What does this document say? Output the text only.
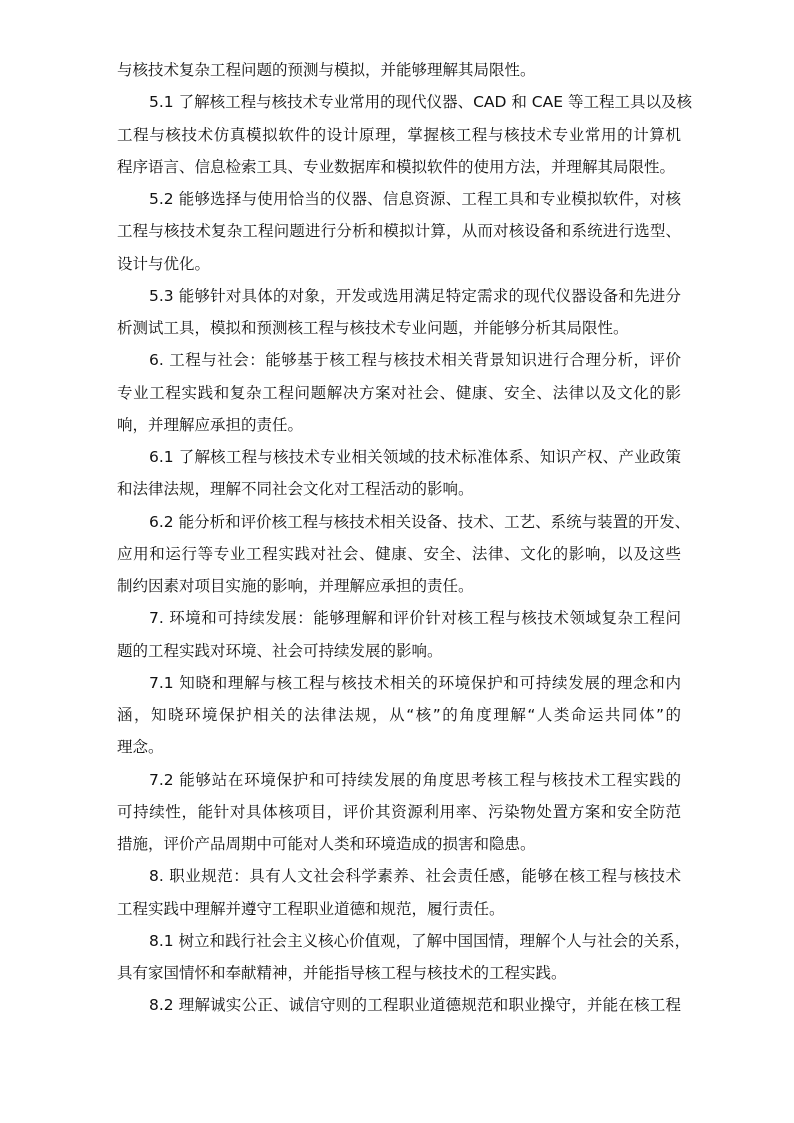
与核技术复杂工程问题的预测与模拟，并能够理解其局限性。
5.1 了解核工程与核技术专业常用的现代仪器、CAD 和 CAE 等工程工具以及核
工程与核技术仿真模拟软件的设计原理，掌握核工程与核技术专业常用的计算机
程序语言、信息检索工具、专业数据库和模拟软件的使用方法，并理解其局限性。
5.2 能够选择与使用恰当的仪器、信息资源、工程工具和专业模拟软件，对核
工程与核技术复杂工程问题进行分析和模拟计算，从而对核设备和系统进行选型、
设计与优化。
5.3 能够针对具体的对象，开发或选用满足特定需求的现代仪器设备和先进分
析测试工具，模拟和预测核工程与核技术专业问题，并能够分析其局限性。
6. 工程与社会：能够基于核工程与核技术相关背景知识进行合理分析，评价
专业工程实践和复杂工程问题解决方案对社会、健康、安全、法律以及文化的影
响，并理解应承担的责任。
6.1 了解核工程与核技术专业相关领域的技术标准体系、知识产权、产业政策
和法律法规，理解不同社会文化对工程活动的影响。
6.2 能分析和评价核工程与核技术相关设备、技术、工艺、系统与装置的开发、
应用和运行等专业工程实践对社会、健康、安全、法律、文化的影响，以及这些
制约因素对项目实施的影响，并理解应承担的责任。
7. 环境和可持续发展：能够理解和评价针对核工程与核技术领域复杂工程问
题的工程实践对环境、社会可持续发展的影响。
7.1 知晓和理解与核工程与核技术相关的环境保护和可持续发展的理念和内
涵，知晓环境保护相关的法律法规，从“核”的角度理解“人类命运共同体”的
理念。
7.2 能够站在环境保护和可持续发展的角度思考核工程与核技术工程实践的
可持续性，能针对具体核项目，评价其资源利用率、污染物处置方案和安全防范
措施，评价产品周期中可能对人类和环境造成的损害和隐患。
8. 职业规范：具有人文社会科学素养、社会责任感，能够在核工程与核技术
工程实践中理解并遵守工程职业道德和规范，履行责任。
8.1 树立和践行社会主义核心价值观，了解中国国情，理解个人与社会的关系，
具有家国情怀和奉献精神，并能指导核工程与核技术的工程实践。
8.2 理解诚实公正、诚信守则的工程职业道德规范和职业操守，并能在核工程
